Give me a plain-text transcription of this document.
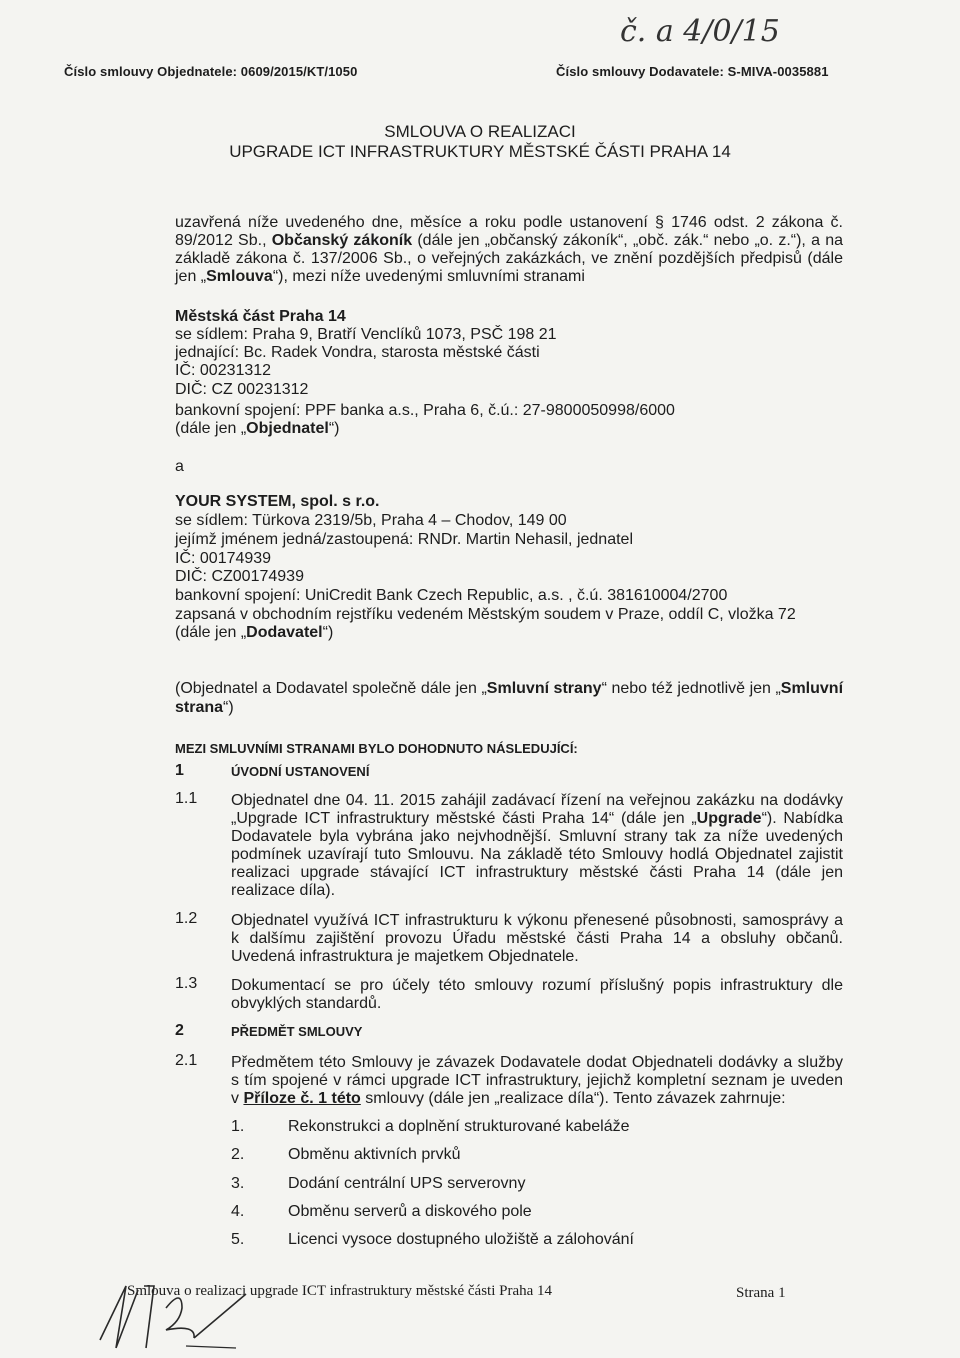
Číslo smlouvy Objednatele: 0609/2015/KT/1050	Číslo smlouvy Dodavatele: S-MIVA-0035881
č. a 4/0/15
SMLOUVA O REALIZACI
UPGRADE ICT INFRASTRUKTURY MĚSTSKÉ ČÁSTI PRAHA 14
uzavřená níže uvedeného dne, měsíce a roku podle ustanovení § 1746 odst. 2 zákona č. 89/2012 Sb., Občanský zákoník (dále jen „občanský zákoník“, „obč. zák.“ nebo „o. z.“), a na základě zákona č. 137/2006 Sb., o veřejných zakázkách, ve znění pozdějších předpisů (dále jen „Smlouva“), mezi níže uvedenými smluvními stranami
Městská část Praha 14
se sídlem: Praha 9, Bratří Venclíků 1073, PSČ 198 21
jednající: Bc. Radek Vondra, starosta městské části
IČ: 00231312
DIČ: CZ 00231312
bankovní spojení: PPF banka a.s., Praha 6, č.ú.: 27-9800050998/6000
(dále jen „Objednatel“)
a
YOUR SYSTEM, spol. s r.o.
se sídlem: Türkova 2319/5b, Praha 4 – Chodov, 149 00
jejímž jménem jedná/zastoupená: RNDr. Martin Nehasil, jednatel
IČ: 00174939
DIČ: CZ00174939
bankovní spojení: UniCredit Bank Czech Republic, a.s. , č.ú. 381610004/2700
zapsaná v obchodním rejstříku vedeném Městským soudem v Praze, oddíl C, vložka 72
(dále jen „Dodavatel“)
(Objednatel a Dodavatel společně dále jen „Smluvní strany“ nebo též jednotlivě jen „Smluvní strana“)
MEZI SMLUVNÍMI STRANAMI BYLO DOHODNUTO NÁSLEDUJÍCÍ:
1	ÚVODNÍ USTANOVENÍ
1.1 Objednatel dne 04. 11. 2015 zahájil zadávací řízení na veřejnou zakázku na dodávky „Upgrade ICT infrastruktury městské části Praha 14“ (dále jen „Upgrade“). Nabídka Dodavatele byla vybrána jako nejvhodnější. Smluvní strany tak za níže uvedených podmínek uzavírají tuto Smlouvu. Na základě této Smlouvy hodlá Objednatel zajistit realizaci upgrade stávající ICT infrastruktury městské části Praha 14 (dále jen realizace díla).
1.2 Objednatel využívá ICT infrastrukturu k výkonu přenesené působnosti, samosprávy a k dalšímu zajištění provozu Úřadu městské části Praha 14 a obsluhy občanů. Uvedená infrastruktura je majetkem Objednatele.
1.3 Dokumentací se pro účely této smlouvy rozumí příslušný popis infrastruktury dle obvyklých standardů.
2	PŘEDMĚT SMLOUVY
2.1 Předmětem této Smlouvy je závazek Dodavatele dodat Objednateli dodávky a služby s tím spojené v rámci upgrade ICT infrastruktury, jejichž kompletní seznam je uveden v Příloze č. 1 této smlouvy (dále jen „realizace díla“). Tento závazek zahrnuje:
1.	Rekonstrukci a doplnění strukturované kabeláže
2.	Obměnu aktivních prvků
3.	Dodání centrální UPS serverovny
4.	Obměnu serverů a diskového pole
5.	Licenci vysoce dostupného uložiště a zálohování
Smlouva o realizaci upgrade ICT infrastruktury městské části Praha 14	Strana 1
